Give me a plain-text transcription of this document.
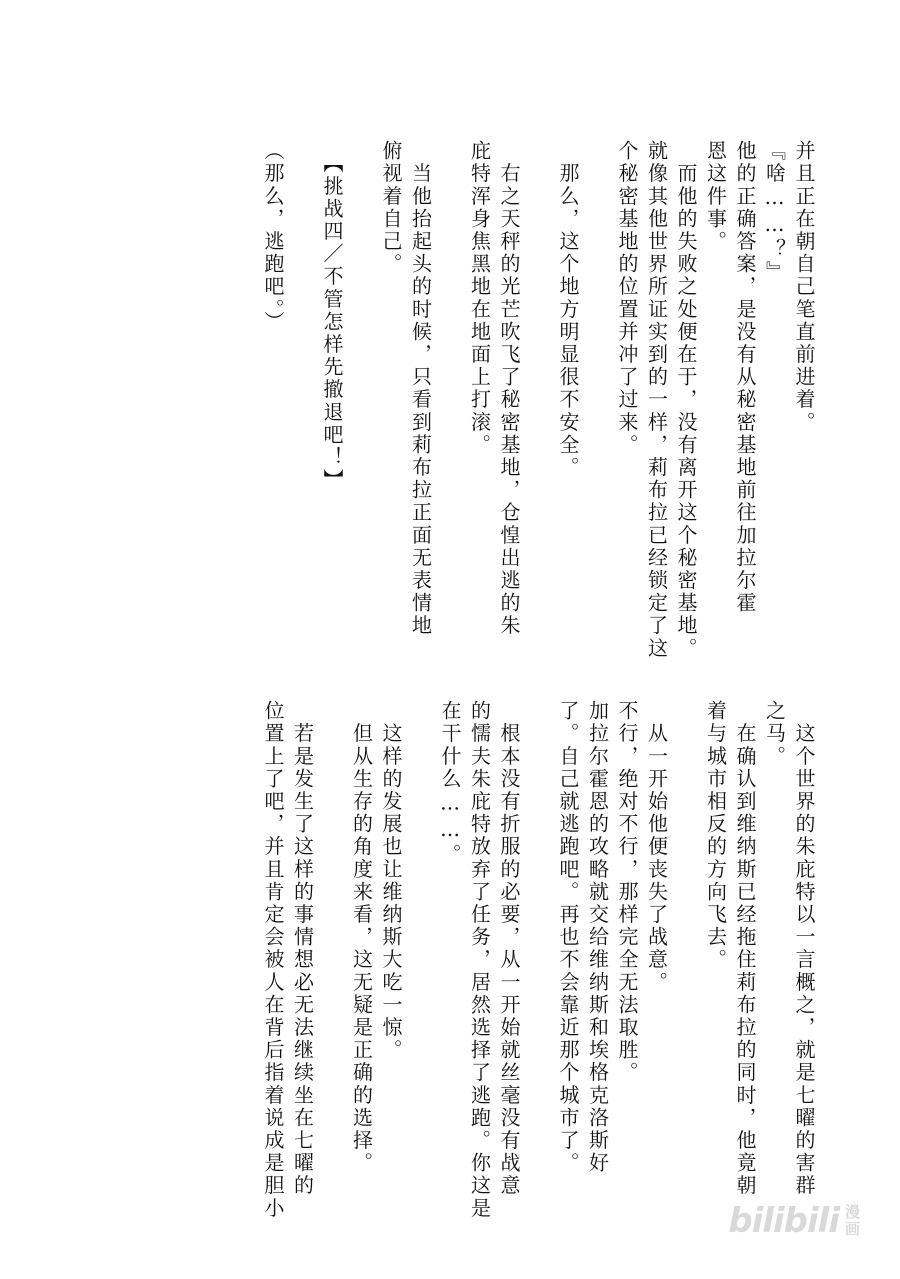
并且正在朝自己笔直前进着。
『啥……？』
他的正确答案，是没有从秘密基地前往加拉尔霍
恩这件事。
　而他的失败之处便在于，没有离开这个秘密基地。
就像其他世界所证实到的一样，莉布拉已经锁定了这
个秘密基地的位置并冲了过来。
　那么，这个地方明显很不安全。
　右之天秤的光芒吹飞了秘密基地，仓惶出逃的朱
庇特浑身焦黑地在地面上打滚。
　当他抬起头的时候，只看到莉布拉正面无表情地
俯视着自己。
　【挑战四／不管怎样先撤退吧！】
（那么，逃跑吧。）
　这个世界的朱庇特以一言概之，就是七曜的害群
之马。
　在确认到维纳斯已经拖住莉布拉的同时，他竟朝
着与城市相反的方向飞去。
　从一开始他便丧失了战意。
不行，绝对不行，那样完全无法取胜。
加拉尔霍恩的攻略就交给维纳斯和埃格克洛斯好
了。自己就逃跑吧。再也不会靠近那个城市了。
　根本没有折服的必要，从一开始就丝毫没有战意
的懦夫朱庇特放弃了任务，居然选择了逃跑。你这是
在干什么……。
　这样的发展也让维纳斯大吃一惊。
　但从生存的角度来看，这无疑是正确的选择。
　若是发生了这样的事情想必无法继续坐在七曜的
位置上了吧，并且肯定会被人在背后指着说成是胆小
bilibili 漫
画
